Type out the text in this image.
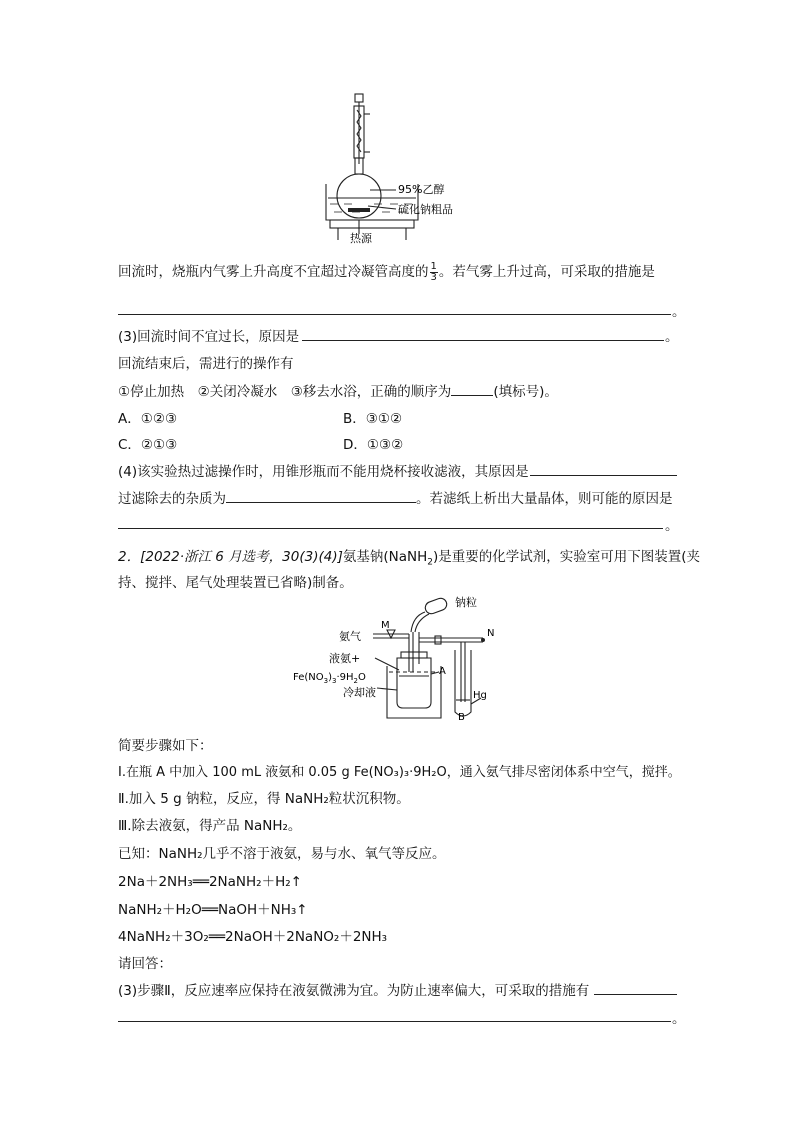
95%乙醇
硫化钠粗品
热源
回流时，烧瓶内气雾上升高度不宜超过冷凝管高度的 $\frac{1}{3}$ 。若气雾上升过高，可采取的措施是
。
(3)回流时间不宜过长，原因是	。
回流结束后，需进行的操作有
①停止加热　②关闭冷凝水　③移去水浴，正确的顺序为	(填标号)。
A．①②③	B．③①②
C．②①③	D．①③②
(4)该实验热过滤操作时，用锥形瓶而不能用烧杯接收滤液，其原因是
过滤除去的杂质为	。若滤纸上析出大量晶体，则可能的原因是
。
2．[2022·浙江 6 月选考，30(3)(4)]氨基钠(NaNH$_2$)是重要的化学试剂，实验室可用下图装置(夹
持、搅拌、尾气处理装置已省略)制备。
钠粒
氨气
M
N
液氨+
$Fe(NO_3)_3\cdot 9H_2O$
A
Hg
B
冷却液
简要步骤如下：
Ⅰ.在瓶 A 中加入 100 mL 液氨和 0.05 g Fe(NO₃)₃·9H₂O，通入氨气排尽密闭体系中空气，搅拌。
Ⅱ.加入 5 g 钠粒，反应，得 NaNH₂粒状沉积物。
Ⅲ.除去液氨，得产品 NaNH₂。
已知：NaNH₂几乎不溶于液氨，易与水、氧气等反应。
2Na＋2NH₃══2NaNH₂＋H₂↑
NaNH₂＋H₂O══NaOH＋NH₃↑
4NaNH₂＋3O₂══2NaOH＋2NaNO₂＋2NH₃
请回答：
(3)步骤Ⅱ，反应速率应保持在液氨微沸为宜。为防止速率偏大，可采取的措施有
。
